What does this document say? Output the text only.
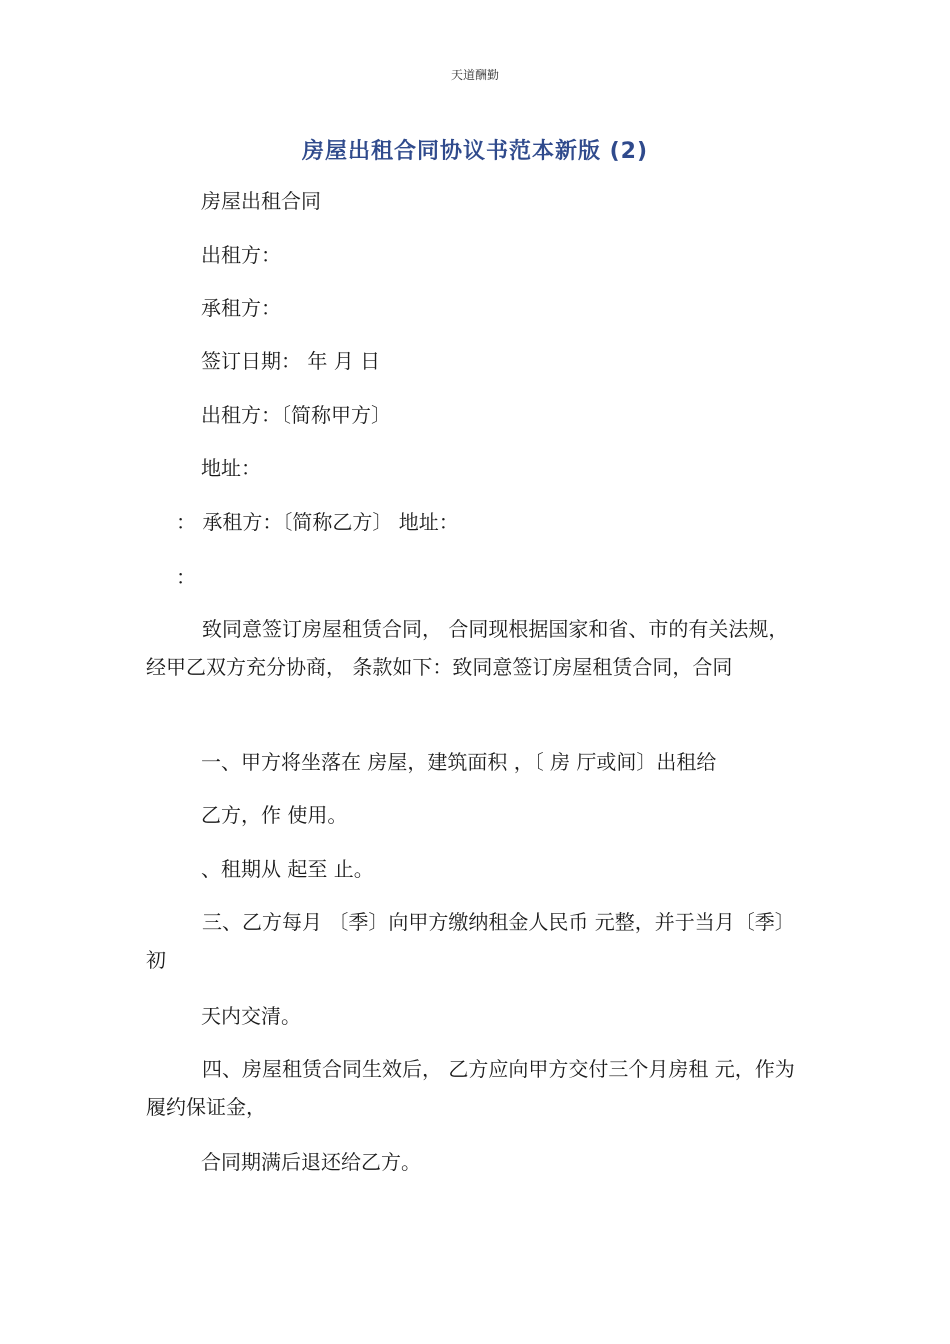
天道酬勤
房屋出租合同协议书范本新版 (2)
房屋出租合同
出租方：
承租方：
签订日期： 年 月 日
出租方：〔简称甲方〕
地址：
： 承租方：〔简称乙方〕 地址：
：
致同意签订房屋租赁合同， 合同现根据国家和省、市的有关法规，经甲乙双方充分协商， 条款如下：致同意签订房屋租赁合同，合同
一、甲方将坐落在 房屋，建筑面积 ，〔 房 厅或间〕出租给
乙方，作 使用。
、租期从 起至 止。
三、乙方每月 〔季〕向甲方缴纳租金人民币 元整，并于当月〔季〕初
天内交清。
四、房屋租赁合同生效后， 乙方应向甲方交付三个月房租 元，作为履约保证金，
合同期满后退还给乙方。
